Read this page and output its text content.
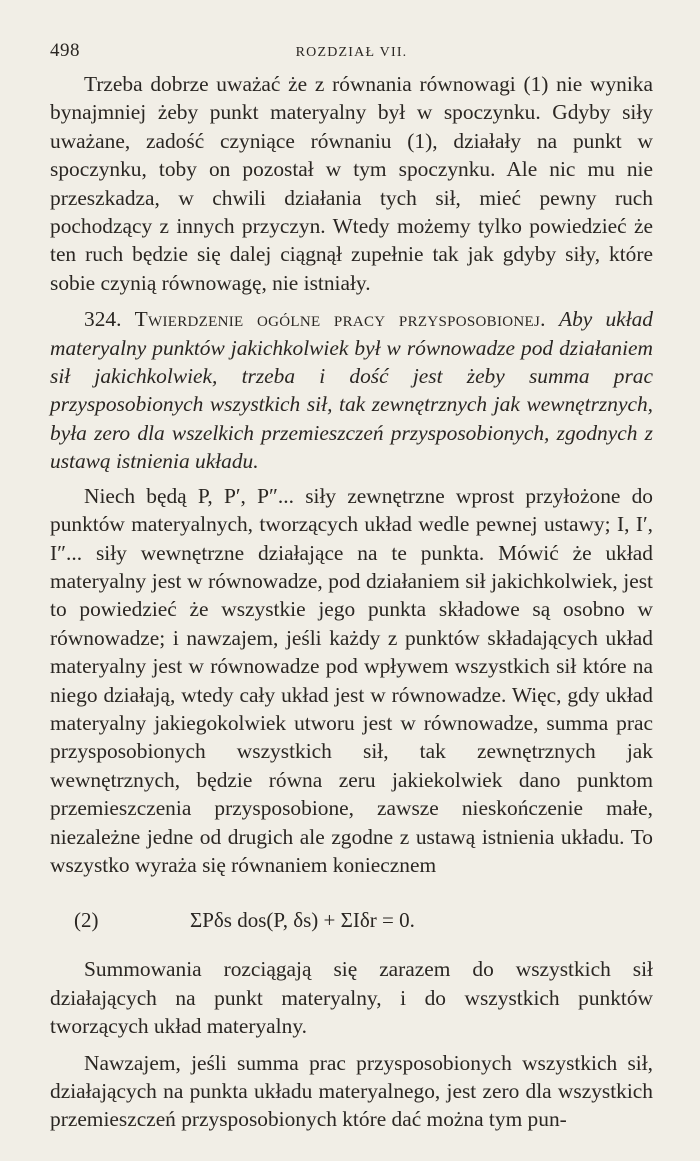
498	ROZDZIAŁ VII.

Trzeba dobrze uważać że z równania równowagi (1) nie wynika bynajmniej żeby punkt materyalny był w spoczynku. Gdyby siły uważane, zadość czyniące równaniu (1), działały na punkt w spoczynku, toby on pozostał w tym spoczynku. Ale nic mu nie przeszkadza, w chwili działania tych sił, mieć pewny ruch pochodzący z innych przyczyn. Wtedy możemy tylko powiedzieć że ten ruch będzie się dalej ciągnął zupełnie tak jak gdyby siły, które sobie czynią równowagę, nie istniały.

324. Twierdzenie ogólne pracy przysposobionej. Aby układ materyalny punktów jakichkolwiek był w równowadze pod działaniem sił jakichkolwiek, trzeba i dość jest żeby summa prac przysposobionych wszystkich sił, tak zewnętrznych jak wewnętrznych, była zero dla wszelkich przemieszczeń przysposobionych, zgodnych z ustawą istnienia układu.

Niech będą P, P′, P″... siły zewnętrzne wprost przyłożone do punktów materyalnych, tworzących układ wedle pewnej ustawy; I, I′, I″... siły wewnętrzne działające na te punkta. Mówić że układ materyalny jest w równowadze, pod działaniem sił jakichkolwiek, jest to powiedzieć że wszystkie jego punkta składowe są osobno w równowadze; i nawzajem, jeśli każdy z punktów składających układ materyalny jest w równowadze pod wpływem wszystkich sił które na niego działają, wtedy cały układ jest w równowadze. Więc, gdy układ materyalny jakiegokolwiek utworu jest w równowadze, summa prac przysposobionych wszystkich sił, tak zewnętrznych jak wewnętrznych, będzie równa zeru jakiekolwiek dano punktom przemieszczenia przysposobione, zawsze nieskończenie małe, niezależne jedne od drugich ale zgodne z ustawą istnienia układu. To wszystko wyraża się równaniem koniecznem

(2)	ΣPδs dos(P, δs) + ΣIδr = 0.

Summowania rozciągają się zarazem do wszystkich sił działających na punkt materyalny, i do wszystkich punktów tworzących układ materyalny.

Nawzajem, jeśli summa prac przysposobionych wszystkich sił, działających na punkta układu materyalnego, jest zero dla wszystkich przemieszczeń przysposobionych które dać można tym pun-
